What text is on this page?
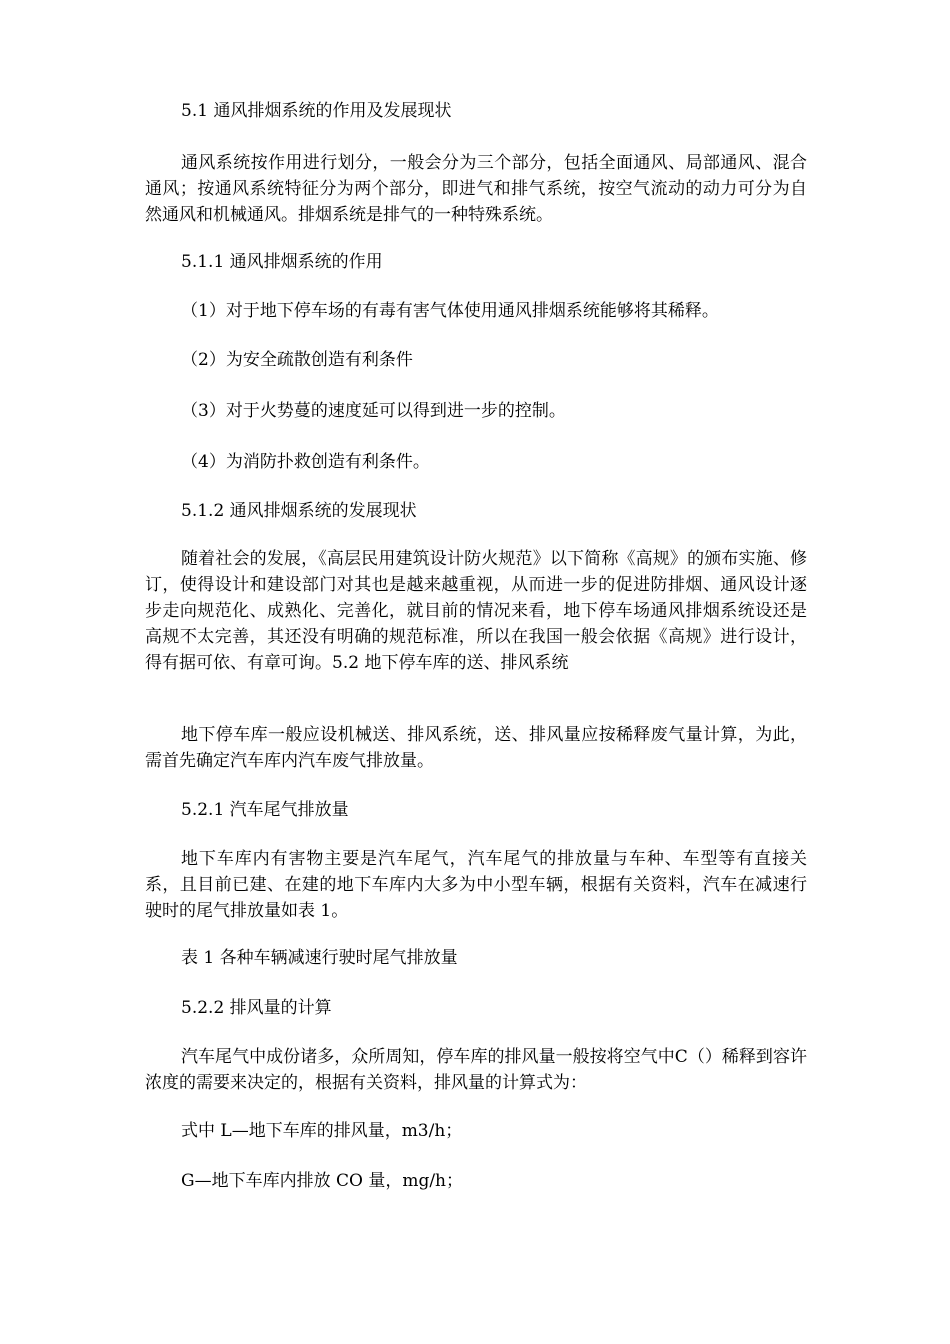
5.1 通风排烟系统的作用及发展现状
通风系统按作用进行划分，一般会分为三个部分，包括全面通风、局部通风、混合通风；按通风系统特征分为两个部分，即进气和排气系统，按空气流动的动力可分为自然通风和机械通风。排烟系统是排气的一种特殊系统。
5.1.1 通风排烟系统的作用
（1）对于地下停车场的有毒有害气体使用通风排烟系统能够将其稀释。
（2）为安全疏散创造有利条件
（3）对于火势蔓的速度延可以得到进一步的控制。
（4）为消防扑救创造有利条件。
5.1.2 通风排烟系统的发展现状
随着社会的发展，《高层民用建筑设计防火规范》以下简称《高规》的颁布实施、修订，使得设计和建设部门对其也是越来越重视，从而进一步的促进防排烟、通风设计逐步走向规范化、成熟化、完善化，就目前的情况来看，地下停车场通风排烟系统设还是高规不太完善，其还没有明确的规范标准，所以在我国一般会依据《高规》进行设计，得有据可依、有章可询。5.2 地下停车库的送、排风系统
地下停车库一般应设机械送、排风系统，送、排风量应按稀释废气量计算，为此，需首先确定汽车库内汽车废气排放量。
5.2.1 汽车尾气排放量
地下车库内有害物主要是汽车尾气，汽车尾气的排放量与车种、车型等有直接关系，且目前已建、在建的地下车库内大多为中小型车辆，根据有关资料，汽车在减速行驶时的尾气排放量如表 1。
表 1 各种车辆减速行驶时尾气排放量
5.2.2 排风量的计算
汽车尾气中成份诸多，众所周知，停车库的排风量一般按将空气中C（）稀释到容许浓度的需要来决定的，根据有关资料，排风量的计算式为：
式中 L—地下车库的排风量，m3/h；
G—地下车库内排放 CO 量，mg/h；
